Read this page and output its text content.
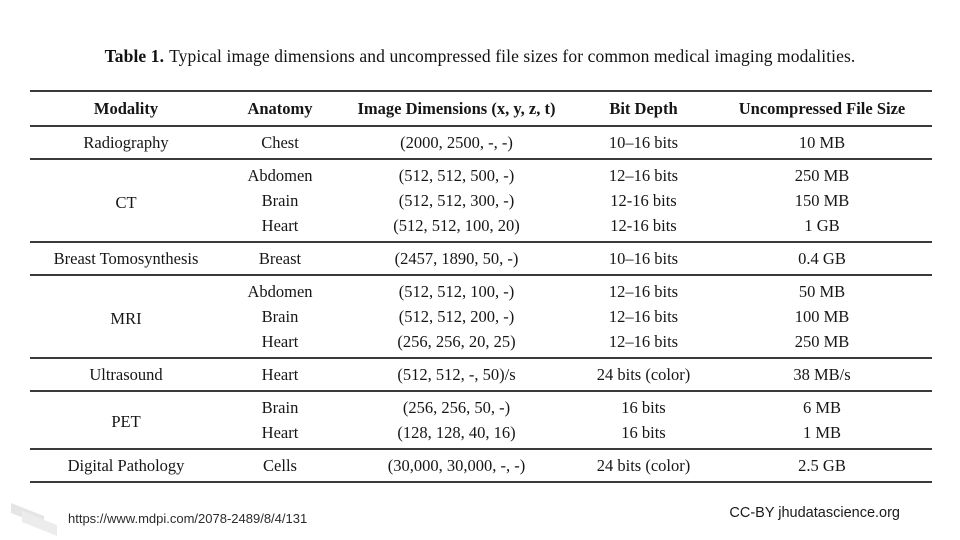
Table 1. Typical image dimensions and uncompressed file sizes for common medical imaging modalities.
Modality	Anatomy	Image Dimensions (x, y, z, t)	Bit Depth	Uncompressed File Size
Radiography	Chest	(2000, 2500, -, -)	10–16 bits	10 MB
CT	Abdomen	(512, 512, 500, -)	12–16 bits	250 MB
	Brain	(512, 512, 300, -)	12-16 bits	150 MB
	Heart	(512, 512, 100, 20)	12-16 bits	1 GB
Breast Tomosynthesis	Breast	(2457, 1890, 50, -)	10–16 bits	0.4 GB
MRI	Abdomen	(512, 512, 100, -)	12–16 bits	50 MB
	Brain	(512, 512, 200, -)	12–16 bits	100 MB
	Heart	(256, 256, 20, 25)	12–16 bits	250 MB
Ultrasound	Heart	(512, 512, -, 50)/s	24 bits (color)	38 MB/s
PET	Brain	(256, 256, 50, -)	16 bits	6 MB
	Heart	(128, 128, 40, 16)	16 bits	1 MB
Digital Pathology	Cells	(30,000, 30,000, -, -)	24 bits (color)	2.5 GB
https://www.mdpi.com/2078-2489/8/4/131	CC-BY jhudatascience.org
